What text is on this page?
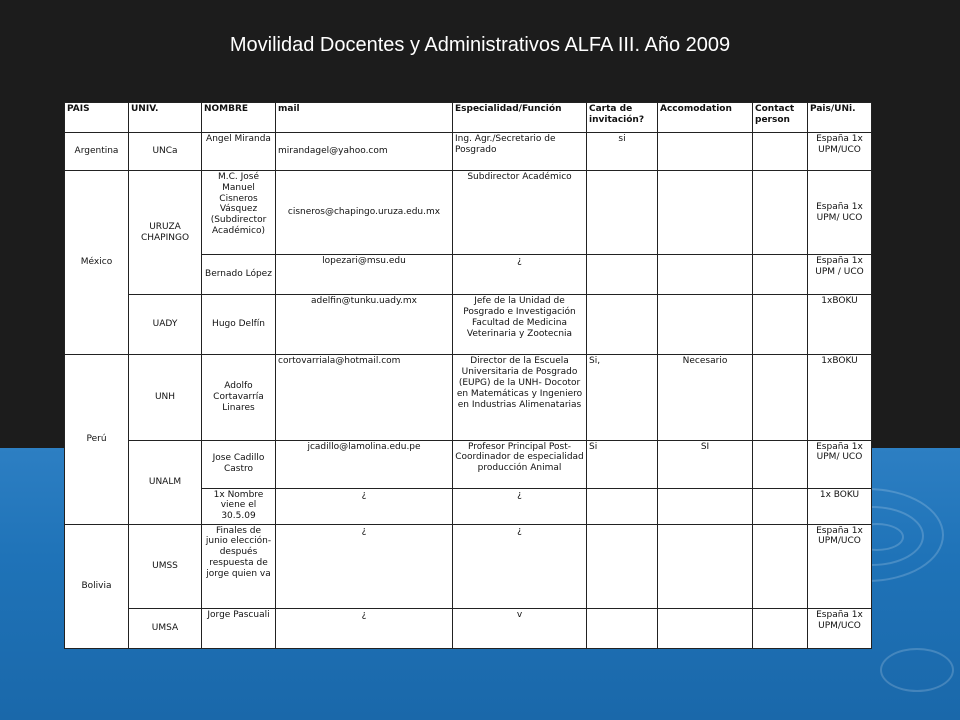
Movilidad Docentes y Administrativos ALFA III. Año 2009
PAIS	UNIV.	NOMBRE	mail	Especialidad/Función	Carta de invitación?	Accomodation	Contact person	Pais/UNi.
Argentinа	UNCa	Angel Miranda	mirandagel@yahoo.com	Ing. Agr./Secretario de Posgrado	si			España 1x UPM/UCO
México	URUZA CHAPINGO	M.C. José Manuel Cisneros Vásquez (Subdirector Académico)	cisneros@chapingo.uruza.edu.mx	Subdirector Académico				España 1x UPM/ UCO
		Bernado López	lopezari@msu.edu	¿				España 1x UPM / UCO
	UADY	Hugo Delfín	adelfin@tunku.uady.mx	Jefe de la Unidad de Posgrado e Investigación Facultad de Medicina Veterinaria y Zootecnia				1xBOKU
Perú	UNH	Adolfo Cortavarría Linares	cortovarriala@hotmail.com	Director de la Escuela Universitaria de Posgrado (EUPG) de la UNH- Docotor en Matemáticas y Ingeniero en Industrias Alimenatarias	Si,	Necesario		1xBOKU
	UNALM	Jose Cadillo Castro	jcadillo@lamolina.edu.pe	Profesor Principal Post- Coordinador de especialidad producción Animal	Si	SI		España 1x UPM/ UCO
		1x Nombre viene el 30.5.09	¿	¿				1x BOKU
Bolivia	UMSS	Finales de junio elección- después respuesta de jorge quien va	¿	¿				España 1x UPM/UCO
	UMSA	Jorge Pascuali	¿	v				España 1x UPM/UCO
